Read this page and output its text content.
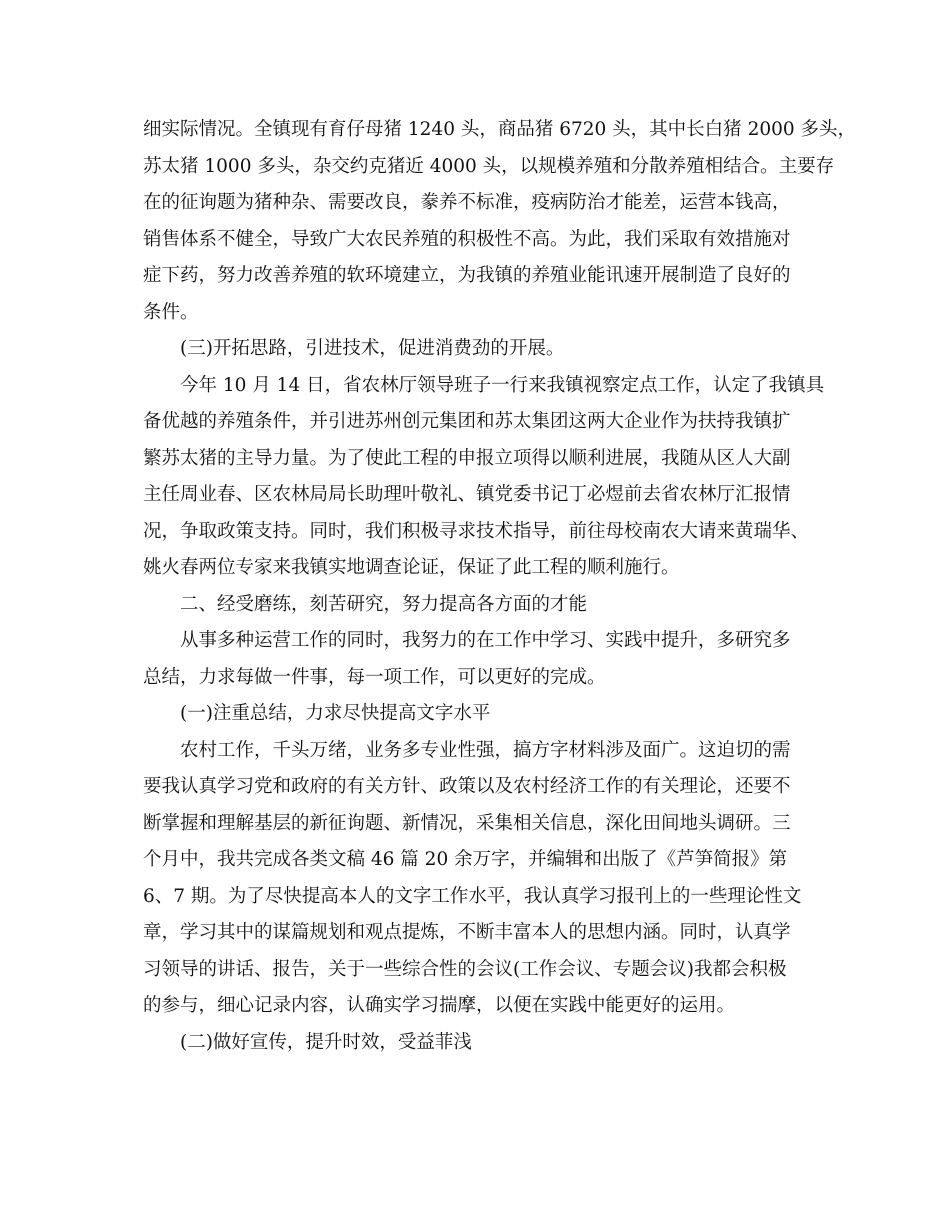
细实际情况。全镇现有育仔母猪 1240 头，商品猪 6720 头，其中长白猪 2000 多头，
苏太猪 1000 多头，杂交约克猪近 4000 头，以规模养殖和分散养殖相结合。主要存
在的征询题为猪种杂、需要改良，豢养不标准，疫病防治才能差，运营本钱高，
销售体系不健全，导致广大农民养殖的积极性不高。为此，我们采取有效措施对
症下药，努力改善养殖的软环境建立，为我镇的养殖业能讯速开展制造了良好的
条件。
(三)开拓思路，引进技术，促进消费劲的开展。
今年 10 月 14 日，省农林厅领导班子一行来我镇视察定点工作，认定了我镇具
备优越的养殖条件，并引进苏州创元集团和苏太集团这两大企业作为扶持我镇扩
繁苏太猪的主导力量。为了使此工程的申报立项得以顺利进展，我随从区人大副
主任周业春、区农林局局长助理叶敬礼、镇党委书记丁必煜前去省农林厅汇报情
况，争取政策支持。同时，我们积极寻求技术指导，前往母校南农大请来黄瑞华、
姚火春两位专家来我镇实地调查论证，保证了此工程的顺利施行。
二、经受磨练，刻苦研究，努力提高各方面的才能
从事多种运营工作的同时，我努力的在工作中学习、实践中提升，多研究多
总结，力求每做一件事，每一项工作，可以更好的完成。
(一)注重总结，力求尽快提高文字水平
农村工作，千头万绪，业务多专业性强，搞方字材料涉及面广。这迫切的需
要我认真学习党和政府的有关方针、政策以及农村经济工作的有关理论，还要不
断掌握和理解基层的新征询题、新情况，采集相关信息，深化田间地头调研。三
个月中，我共完成各类文稿 46 篇 20 余万字，并编辑和出版了《芦笋简报》第
6、7 期。为了尽快提高本人的文字工作水平，我认真学习报刊上的一些理论性文
章，学习其中的谋篇规划和观点提炼，不断丰富本人的思想内涵。同时，认真学
习领导的讲话、报告，关于一些综合性的会议(工作会议、专题会议)我都会积极
的参与，细心记录内容，认确实学习揣摩，以便在实践中能更好的运用。
(二)做好宣传，提升时效，受益菲浅
